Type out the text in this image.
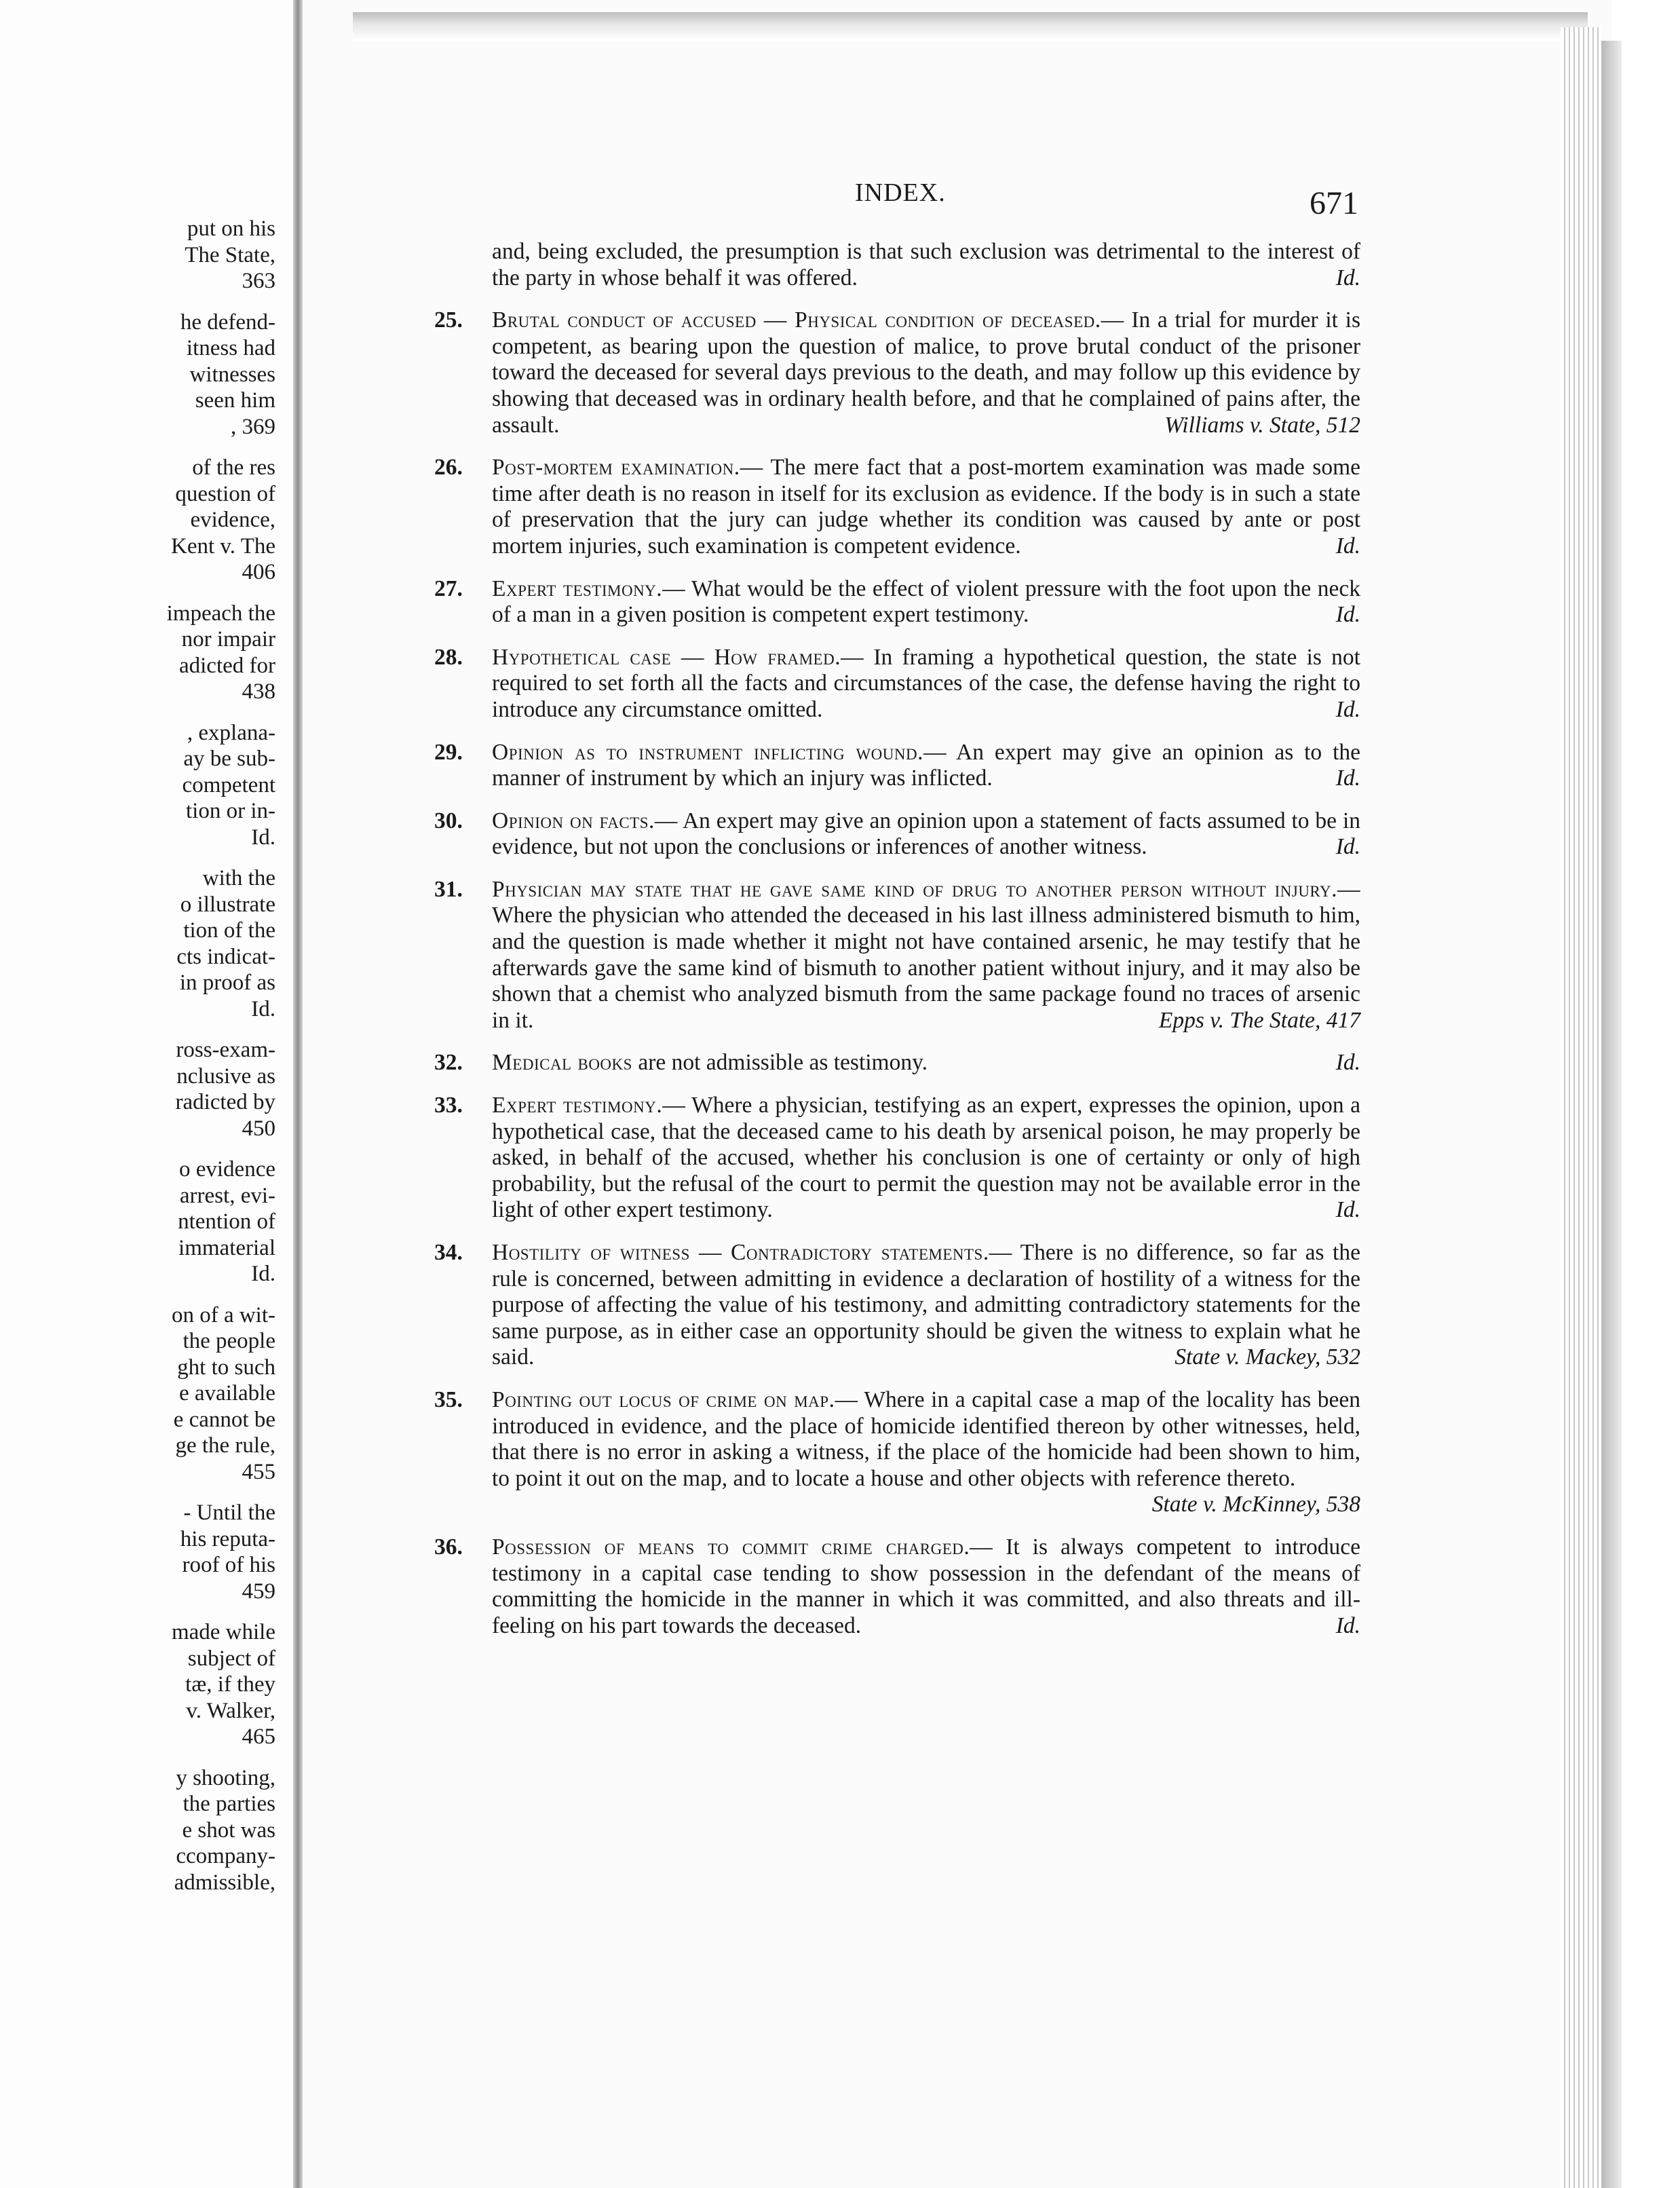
put on his
The State,
363
he defend-
itness had
witnesses
seen him
, 369
of the res
question of
evidence,
Kent v. The
406
impeach the
nor impair
adicted for
438
, explana-
ay be sub-
competent
tion or in-
Id.
with the
o illustrate
tion of the
cts indicat-
in proof as
Id.
ross-exam-
nclusive as
radicted by
450
o evidence
arrest, evi-
ntention of
immaterial
Id.
on of a wit-
the people
ght to such
e available
e cannot be
ge the rule,
455
- Until the
his reputa-
roof of his
459
made while
subject of
tæ, if they
v. Walker,
465
y shooting,
the parties
e shot was
ccompany-
admissible,
INDEX.	671
and, being excluded, the presumption is that such exclusion was detrimental to the interest of the party in whose behalf it was offered.	Id.
25. Brutal conduct of accused — Physical condition of deceased.— In a trial for murder it is competent, as bearing upon the question of malice, to prove brutal conduct of the prisoner toward the deceased for several days previous to the death, and may follow up this evidence by showing that deceased was in ordinary health before, and that he complained of pains after, the assault.	Williams v. State, 512
26. Post-mortem examination.— The mere fact that a post-mortem examination was made some time after death is no reason in itself for its exclusion as evidence. If the body is in such a state of preservation that the jury can judge whether its condition was caused by ante or post mortem injuries, such examination is competent evidence.	Id.
27. Expert testimony.— What would be the effect of violent pressure with the foot upon the neck of a man in a given position is competent expert testimony.	Id.
28. Hypothetical case — How framed.— In framing a hypothetical question, the state is not required to set forth all the facts and circumstances of the case, the defense having the right to introduce any circumstance omitted.	Id.
29. Opinion as to instrument inflicting wound.— An expert may give an opinion as to the manner of instrument by which an injury was inflicted.	Id.
30. Opinion on facts.— An expert may give an opinion upon a statement of facts assumed to be in evidence, but not upon the conclusions or inferences of another witness.	Id.
31. Physician may state that he gave same kind of drug to another person without injury.— Where the physician who attended the deceased in his last illness administered bismuth to him, and the question is made whether it might not have contained arsenic, he may testify that he afterwards gave the same kind of bismuth to another patient without injury, and it may also be shown that a chemist who analyzed bismuth from the same package found no traces of arsenic in it.	Epps v. The State, 417
32. Medical books are not admissible as testimony.	Id.
33. Expert testimony.— Where a physician, testifying as an expert, expresses the opinion, upon a hypothetical case, that the deceased came to his death by arsenical poison, he may properly be asked, in behalf of the accused, whether his conclusion is one of certainty or only of high probability, but the refusal of the court to permit the question may not be available error in the light of other expert testimony.	Id.
34. Hostility of witness — Contradictory statements.— There is no difference, so far as the rule is concerned, between admitting in evidence a declaration of hostility of a witness for the purpose of affecting the value of his testimony, and admitting contradictory statements for the same purpose, as in either case an opportunity should be given the witness to explain what he said.	State v. Mackey, 532
35. Pointing out locus of crime on map.— Where in a capital case a map of the locality has been introduced in evidence, and the place of homicide identified thereon by other witnesses, held, that there is no error in asking a witness, if the place of the homicide had been shown to him, to point it out on the map, and to locate a house and other objects with reference thereto.
State v. McKinney, 538
36. Possession of means to commit crime charged.— It is always competent to introduce testimony in a capital case tending to show possession in the defendant of the means of committing the homicide in the manner in which it was committed, and also threats and ill-feeling on his part towards the deceased.	Id.
